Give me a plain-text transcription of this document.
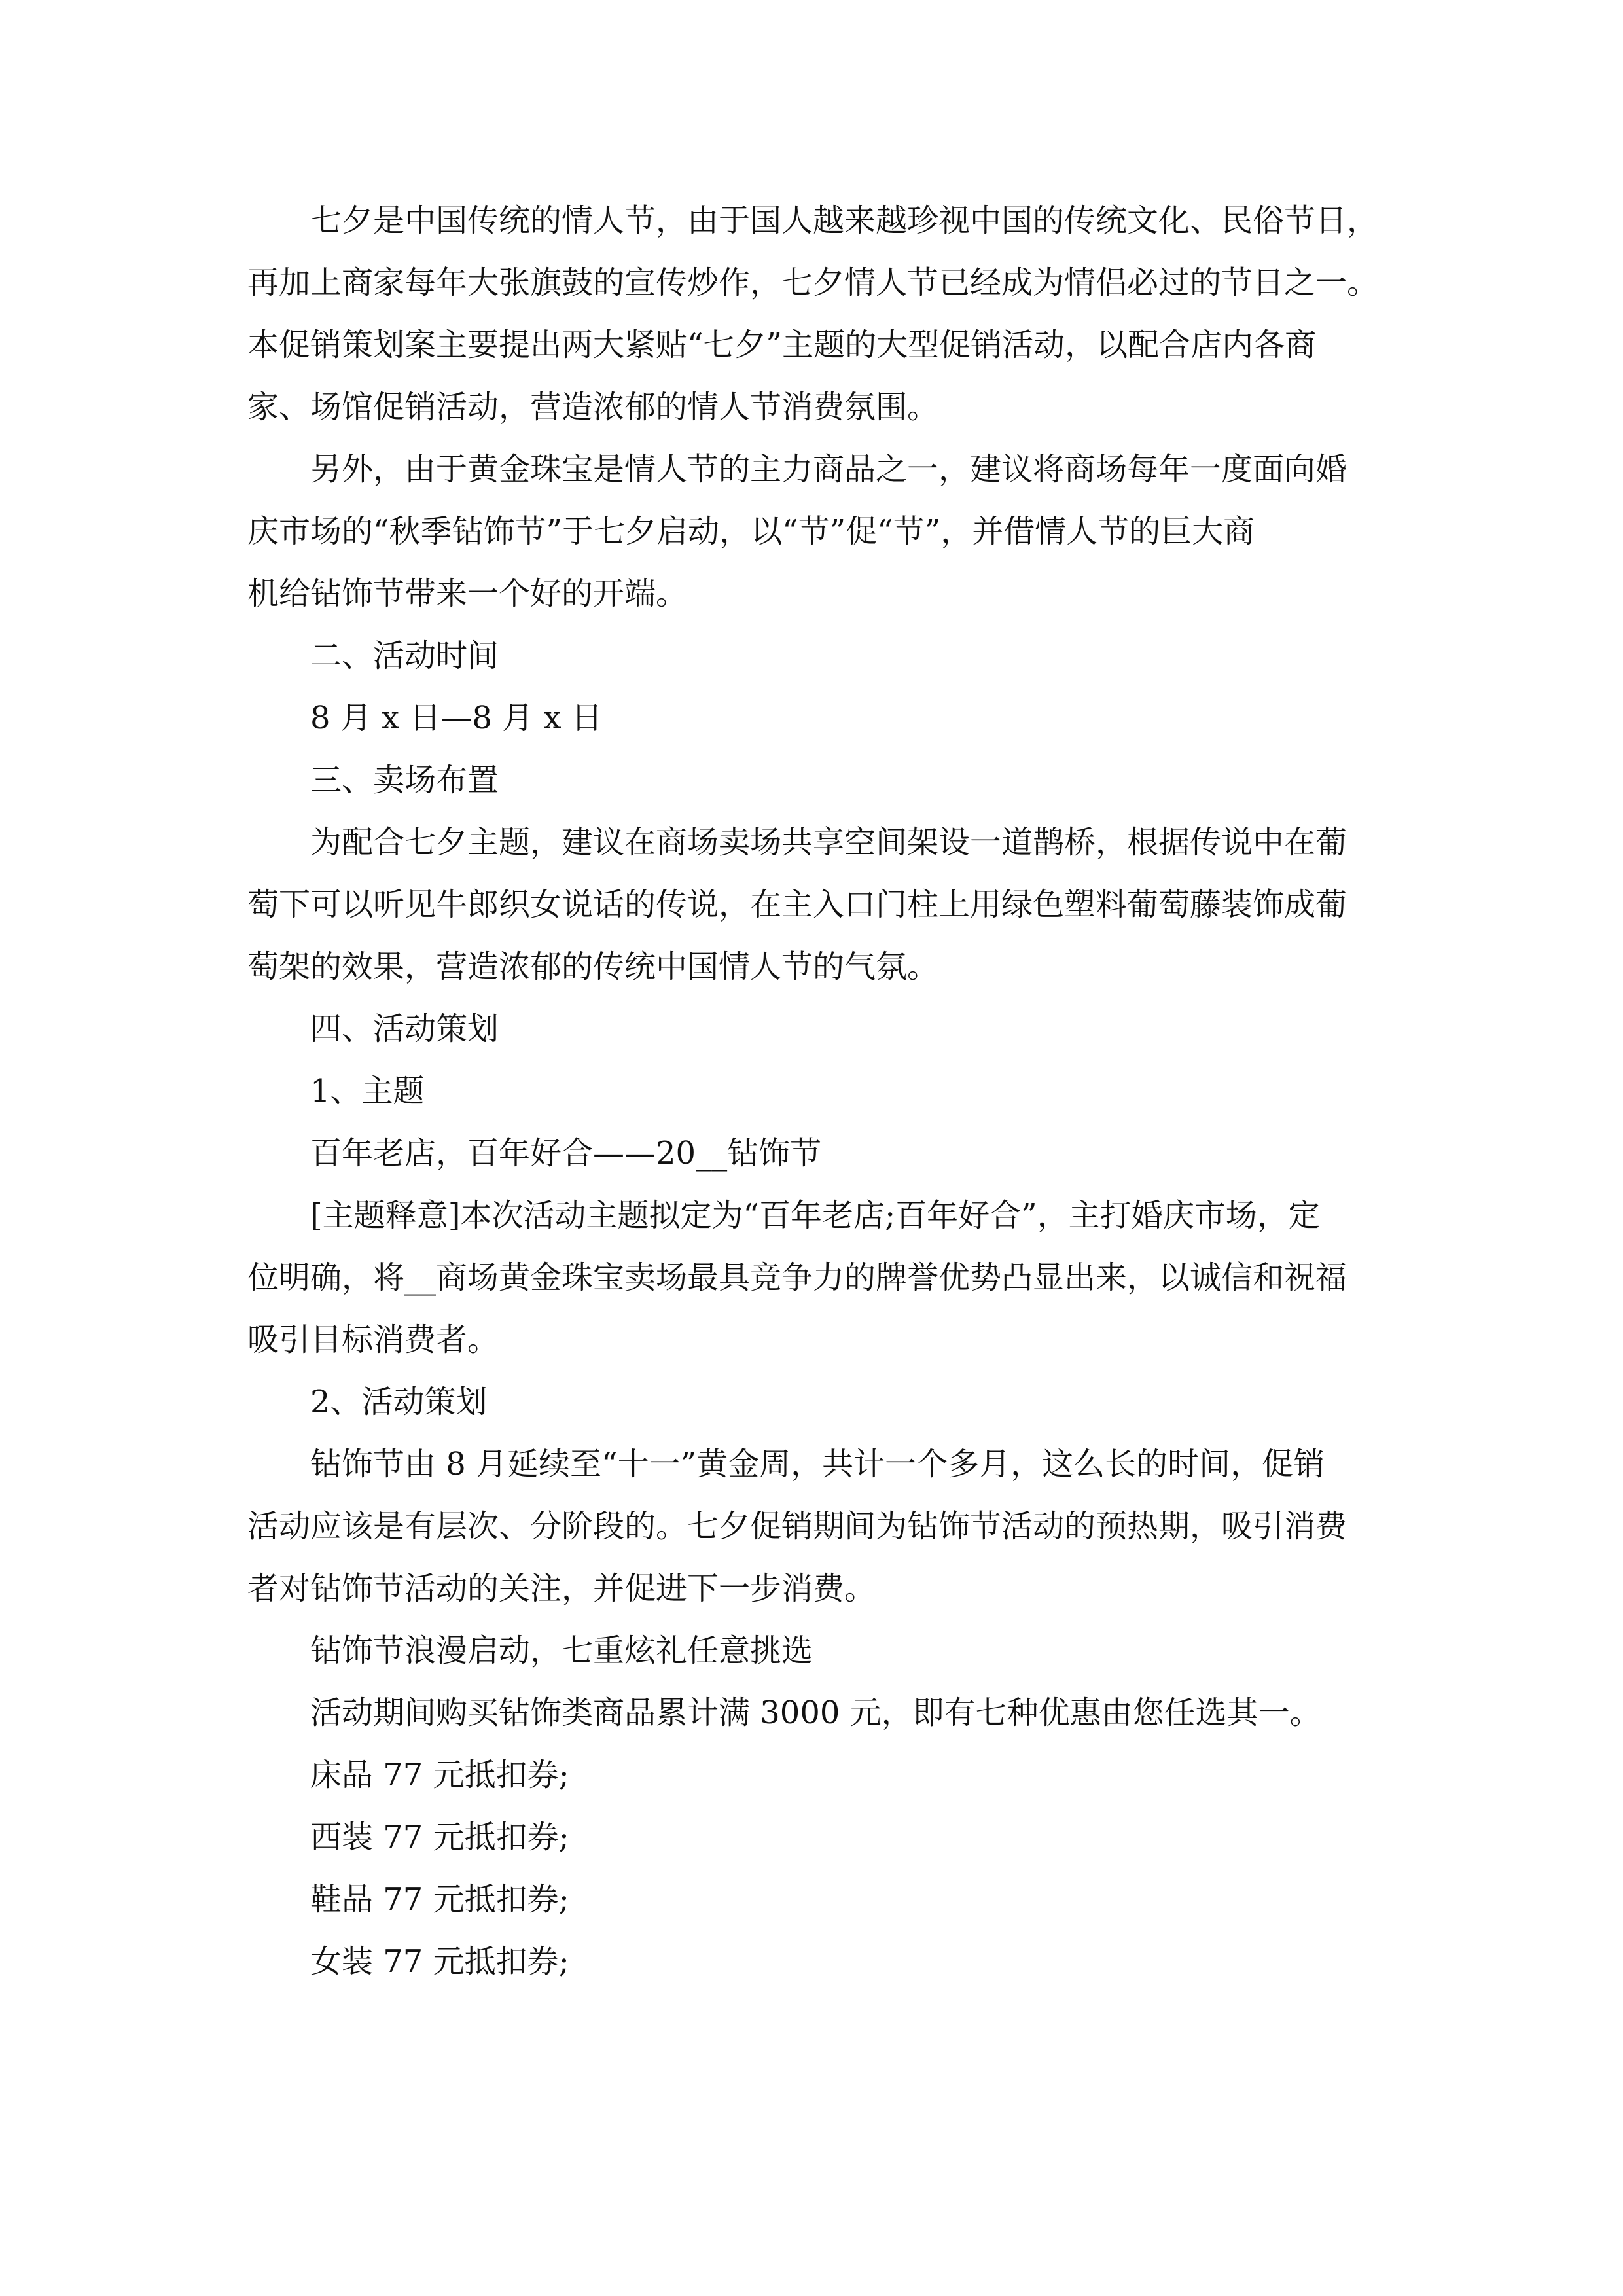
七夕是中国传统的情人节，由于国人越来越珍视中国的传统文化、民俗节日，
再加上商家每年大张旗鼓的宣传炒作，七夕情人节已经成为情侣必过的节日之一。
本促销策划案主要提出两大紧贴“七夕”主题的大型促销活动，以配合店内各商
家、场馆促销活动，营造浓郁的情人节消费氛围。

另外，由于黄金珠宝是情人节的主力商品之一，建议将商场每年一度面向婚
庆市场的“秋季钻饰节”于七夕启动，以“节”促“节”，并借情人节的巨大商
机给钻饰节带来一个好的开端。

二、活动时间

8 月 x 日—8 月 x 日

三、卖场布置

为配合七夕主题，建议在商场卖场共享空间架设一道鹊桥，根据传说中在葡
萄下可以听见牛郎织女说话的传说，在主入口门柱上用绿色塑料葡萄藤装饰成葡
萄架的效果，营造浓郁的传统中国情人节的气氛。

四、活动策划

1、主题

百年老店，百年好合——20__钻饰节

[主题释意]本次活动主题拟定为“百年老店;百年好合”，主打婚庆市场，定
位明确，将__商场黄金珠宝卖场最具竞争力的牌誉优势凸显出来，以诚信和祝福
吸引目标消费者。

2、活动策划

钻饰节由 8 月延续至“十一”黄金周，共计一个多月，这么长的时间，促销
活动应该是有层次、分阶段的。七夕促销期间为钻饰节活动的预热期，吸引消费
者对钻饰节活动的关注，并促进下一步消费。

钻饰节浪漫启动，七重炫礼任意挑选

活动期间购买钻饰类商品累计满 3000 元，即有七种优惠由您任选其一。

床品 77 元抵扣券;

西装 77 元抵扣券;

鞋品 77 元抵扣券;

女装 77 元抵扣券;
